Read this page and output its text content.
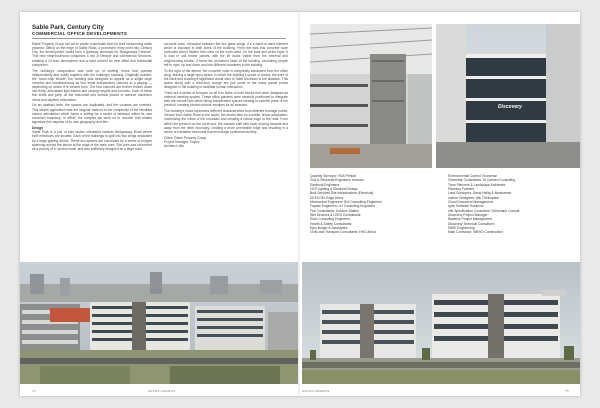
Sable Park, Century City
COMMERCIAL OFFICE DEVELOPMENTS

Rabie Property Group set out to create a landmark face for their blossoming sable precinct. Sitting on the edge of Sable Road, a prominent entry point into Century City, the development would form a gateway landmark for 'Bridgeways Precinct'. This new neighbourhood comprises a mix of lifestyle and commercial functions, creating a 24-hour atmosphere and a solid context for new office and residential complexes.

The building's composition was built up of shifting forms that operate independently and subtly together with the building's massing. Originally dubbed, the 'moon-ship shuttle', the building was designed to appear as a single large complex and simultaneously as four small independent volumes in a playing — depending on where it is viewed from. The four volumes are further broken down into thinly, articulated light frames and varying heights and volumes. Each of these thin shifts and jump on the horizontal and vertical planes to achieve maximum views and daytime articulation.

On an abstract level, the spaces are duplicated, and the volumes are inverted. This simple application was the singular method to the complexity of the resultant interior articulation which forms a setting for a series of tableaux within its own mountain backdrop. In effect, the complex we went on to uncover that relates signature fine aspects of its own geography and film.

Design

Sable Park is a pair of twin blocks orientated towards Bridgeways Road where both entrances are located. Each of the buildings is split into two wings separated by a large glazing atrium. These two spaces are connected by a series of bridges spanning across the atrium at the edge of the main core. The core was conceived as a parody of a 'service kiosk' and was artificially designed as a large solid

concrete cube, shrouded between the two glass wings. It's a hand-in-hand element which is exposed in both sides of the building. From the east this concrete cube protrudes and is hidden from view on the north-west. On the front and at the foyer, it is clad in oak timber panels, with the lift doors visible from the external and neighbouring blocks. It forms the prominent heart of the building, circulating people left to right, up and down and into different chambers in the building.

To the right of the atrium, the concrete cube is completely separated from the office wing, leaving a large open atrium in which the building's sense of arrival, the front of the back and creating a significant visual view of Table Mountain in the distance. This space along with a third-floor lounge are just some of the many pause points designed in the building to facilitate human interaction.

There are a series of terraces on all four sides of both blocks that were designed as external meeting spaces. These office gardens were carefully positioned to integrate with the overall form while being independent spaces relating to specific parts of the precinct, creating pivotal outdoor escapes for all seasons.

The building's mass expresses different characteristics from different frontage points. Viewed from Sable Road to the south, the blocks take on a subtle, linear articulation, maximising the views of the mountain and creating a robust edge to the road. From within the precinct on the north end, the masses shift with each moving towards and away from the other boundary, creating a more permeable edge and resulting in a series of habitable forecourts that encourage pedestrian activity.

Client: Rabie Property Group
Project Manager: Capex
Architect: dhk
74	SAPOA AWARDS
Discovery
Quantity Surveyor: RLB Pentad
Civil & Structural Engineers: Aurecon
Electrical Engineers:
CEP Lighting & Electrical Design
Bulk Services Site Infrastructure (Electrical):
DESCOM; Edge Africa
Mechanical Engineers: BVi Consulting Engineers
Façade Engineers: LH Consulting Engineers
Fire Consultants: Solution Station
Wet Services & LEED Consultants:
Ekon Consulting Engineers
Health & Safety Consultants:
Ejen-Burger & Associates
Civils and Transport Consultants: HHO Africa
Environmental Control: Ecosense
Greenstar Consultants: SI Carmen Consulting
Town Planners & Landscape Architects:
Planning Partners
Land Surveyors: David Hellig & Abrahamse
Interior Designers: dhk Thinkspace
Cloud Document Management:
Ignis Software Solutions
dhk Specification Consultant: Schumann Consult
Discovery Project Manager:
Baseline Project Management
Discovery Technical Consultant:
MWK Engineering
Main Contractor: WBHO Construction
SAPOA AWARDS	75
